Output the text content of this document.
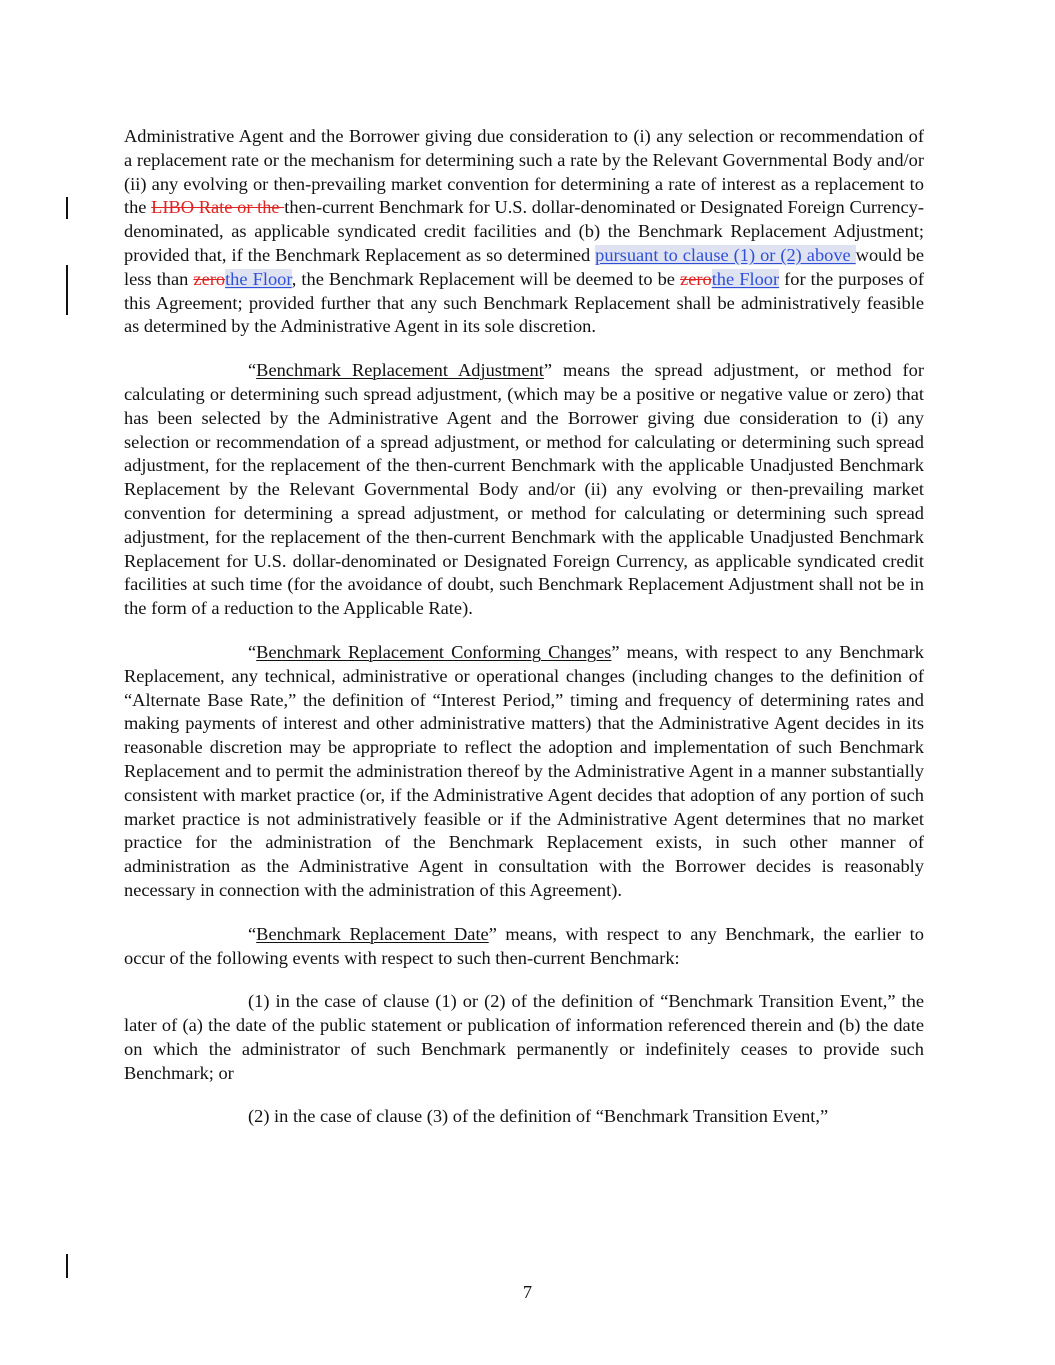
Administrative Agent and the Borrower giving due consideration to (i) any selection or recommendation of a replacement rate or the mechanism for determining such a rate by the Relevant Governmental Body and/or (ii) any evolving or then-prevailing market convention for determining a rate of interest as a replacement to the LIBO Rate or the then-current Benchmark for U.S. dollar-denominated or Designated Foreign Currency-denominated, as applicable syndicated credit facilities and (b) the Benchmark Replacement Adjustment; provided that, if the Benchmark Replacement as so determined pursuant to clause (1) or (2) above would be less than zerothe Floor, the Benchmark Replacement will be deemed to be zerothe Floor for the purposes of this Agreement; provided further that any such Benchmark Replacement shall be administratively feasible as determined by the Administrative Agent in its sole discretion.

“Benchmark Replacement Adjustment” means the spread adjustment, or method for calculating or determining such spread adjustment, (which may be a positive or negative value or zero) that has been selected by the Administrative Agent and the Borrower giving due consideration to (i) any selection or recommendation of a spread adjustment, or method for calculating or determining such spread adjustment, for the replacement of the then-current Benchmark with the applicable Unadjusted Benchmark Replacement by the Relevant Governmental Body and/or (ii) any evolving or then-prevailing market convention for determining a spread adjustment, or method for calculating or determining such spread adjustment, for the replacement of the then-current Benchmark with the applicable Unadjusted Benchmark Replacement for U.S. dollar-denominated or Designated Foreign Currency, as applicable syndicated credit facilities at such time (for the avoidance of doubt, such Benchmark Replacement Adjustment shall not be in the form of a reduction to the Applicable Rate).

“Benchmark Replacement Conforming Changes” means, with respect to any Benchmark Replacement, any technical, administrative or operational changes (including changes to the definition of “Alternate Base Rate,” the definition of “Interest Period,” timing and frequency of determining rates and making payments of interest and other administrative matters) that the Administrative Agent decides in its reasonable discretion may be appropriate to reflect the adoption and implementation of such Benchmark Replacement and to permit the administration thereof by the Administrative Agent in a manner substantially consistent with market practice (or, if the Administrative Agent decides that adoption of any portion of such market practice is not administratively feasible or if the Administrative Agent determines that no market practice for the administration of the Benchmark Replacement exists, in such other manner of administration as the Administrative Agent in consultation with the Borrower decides is reasonably necessary in connection with the administration of this Agreement).

“Benchmark Replacement Date” means, with respect to any Benchmark, the earlier to occur of the following events with respect to such then-current Benchmark:

(1) in the case of clause (1) or (2) of the definition of “Benchmark Transition Event,” the later of (a) the date of the public statement or publication of information referenced therein and (b) the date on which the administrator of such Benchmark permanently or indefinitely ceases to provide such Benchmark; or

(2) in the case of clause (3) of the definition of “Benchmark Transition Event,”

7
